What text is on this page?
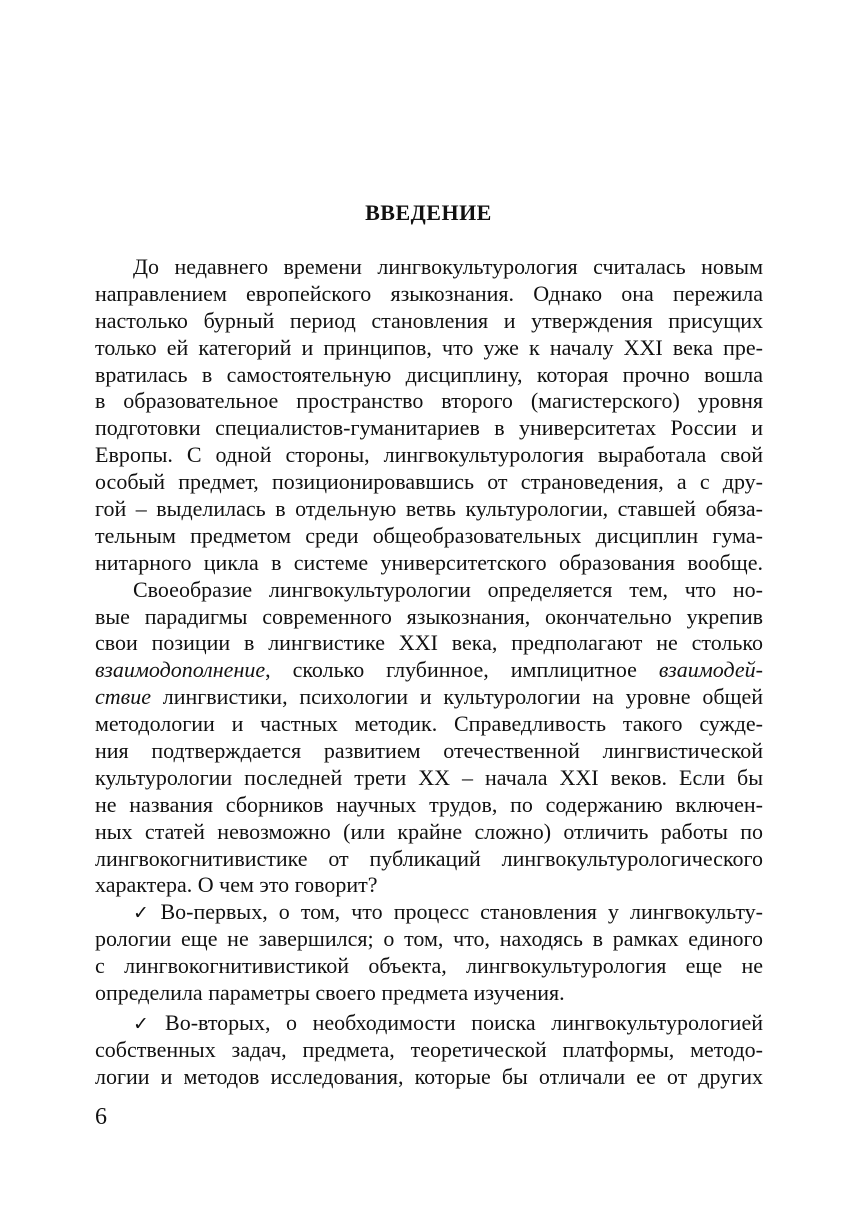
ВВЕДЕНИЕ
До недавнего времени лингвокультурология считалась новым
направлением европейского языкознания. Однако она пережила
настолько бурный период становления и утверждения присущих
только ей категорий и принципов, что уже к началу XXI века пре-
вратилась в самостоятельную дисциплину, которая прочно вошла
в образовательное пространство второго (магистерского) уровня
подготовки специалистов-гуманитариев в университетах России и
Европы. С одной стороны, лингвокультурология выработала свой
особый предмет, позиционировавшись от страноведения, а с дру-
гой – выделилась в отдельную ветвь культурологии, ставшей обяза-
тельным предметом среди общеобразовательных дисциплин гума-
нитарного цикла в системе университетского образования вообще.
Своеобразие лингвокультурологии определяется тем, что но-
вые парадигмы современного языкознания, окончательно укрепив
свои позиции в лингвистике XXI века, предполагают не столько
взаимодополнение, сколько глубинное, имплицитное взаимодей-
ствие лингвистики, психологии и культурологии на уровне общей
методологии и частных методик. Справедливость такого сужде-
ния подтверждается развитием отечественной лингвистической
культурологии последней трети XX – начала XXI веков. Если бы
не названия сборников научных трудов, по содержанию включен-
ных статей невозможно (или крайне сложно) отличить работы по
лингвокогнитивистике от публикаций лингвокультурологического
характера. О чем это говорит?
✓ Во-первых, о том, что процесс становления у лингвокульту-
рологии еще не завершился; о том, что, находясь в рамках единого
с лингвокогнитивистикой объекта, лингвокультурология еще не
определила параметры своего предмета изучения.
✓ Во-вторых, о необходимости поиска лингвокультурологией
собственных задач, предмета, теоретической платформы, методо-
логии и методов исследования, которые бы отличали ее от других

6
